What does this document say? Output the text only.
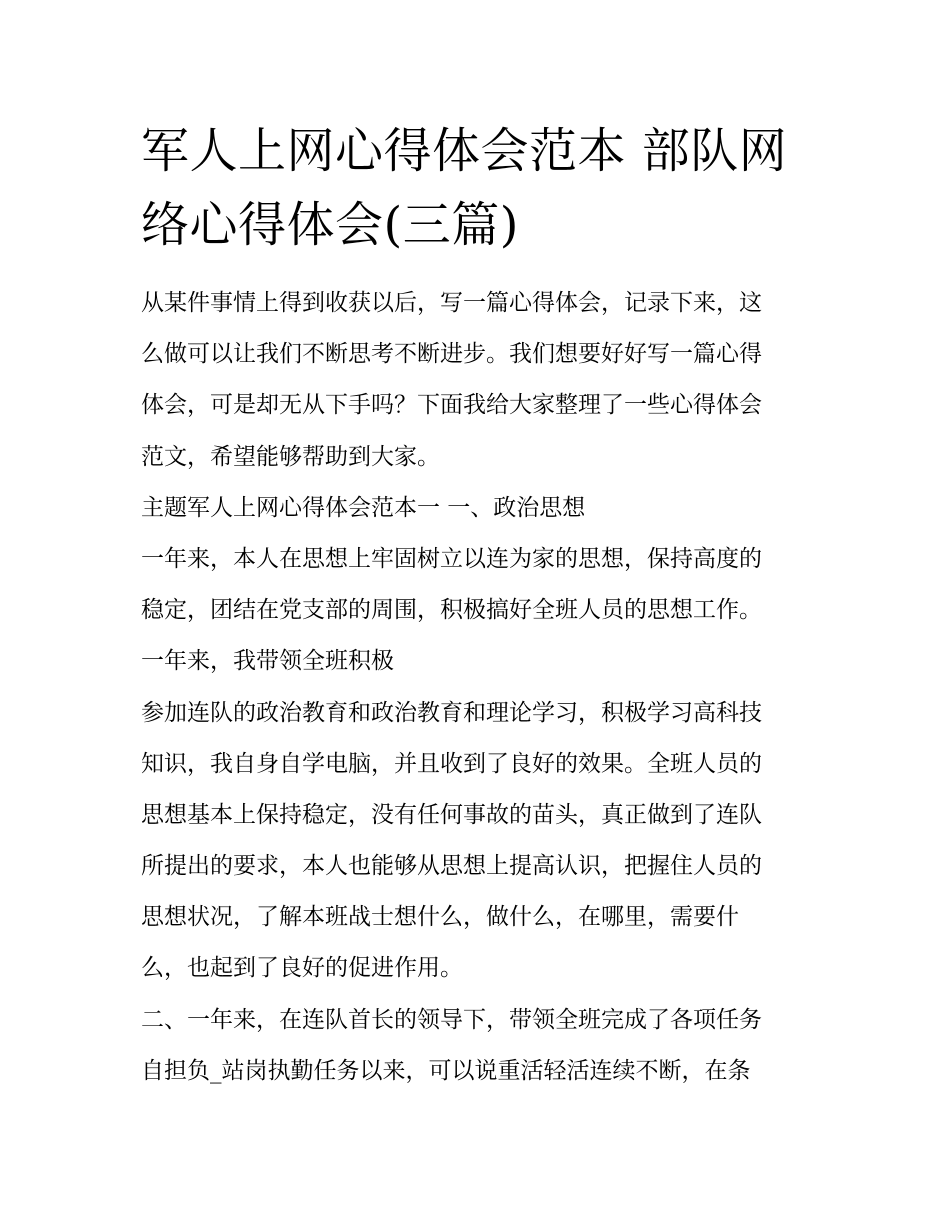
军人上网心得体会范本 部队网
络心得体会(三篇)
从某件事情上得到收获以后，写一篇心得体会，记录下来，这
么做可以让我们不断思考不断进步。我们想要好好写一篇心得
体会，可是却无从下手吗？下面我给大家整理了一些心得体会
范文，希望能够帮助到大家。
主题军人上网心得体会范本一 一、政治思想
一年来，本人在思想上牢固树立以连为家的思想，保持高度的
稳定，团结在党支部的周围，积极搞好全班人员的思想工作。
一年来，我带领全班积极
参加连队的政治教育和政治教育和理论学习，积极学习高科技
知识，我自身自学电脑，并且收到了良好的效果。全班人员的
思想基本上保持稳定，没有任何事故的苗头，真正做到了连队
所提出的要求，本人也能够从思想上提高认识，把握住人员的
思想状况，了解本班战士想什么，做什么，在哪里，需要什
么，也起到了良好的促进作用。
二、一年来，在连队首长的领导下，带领全班完成了各项任务
自担负_站岗执勤任务以来，可以说重活轻活连续不断，在条
